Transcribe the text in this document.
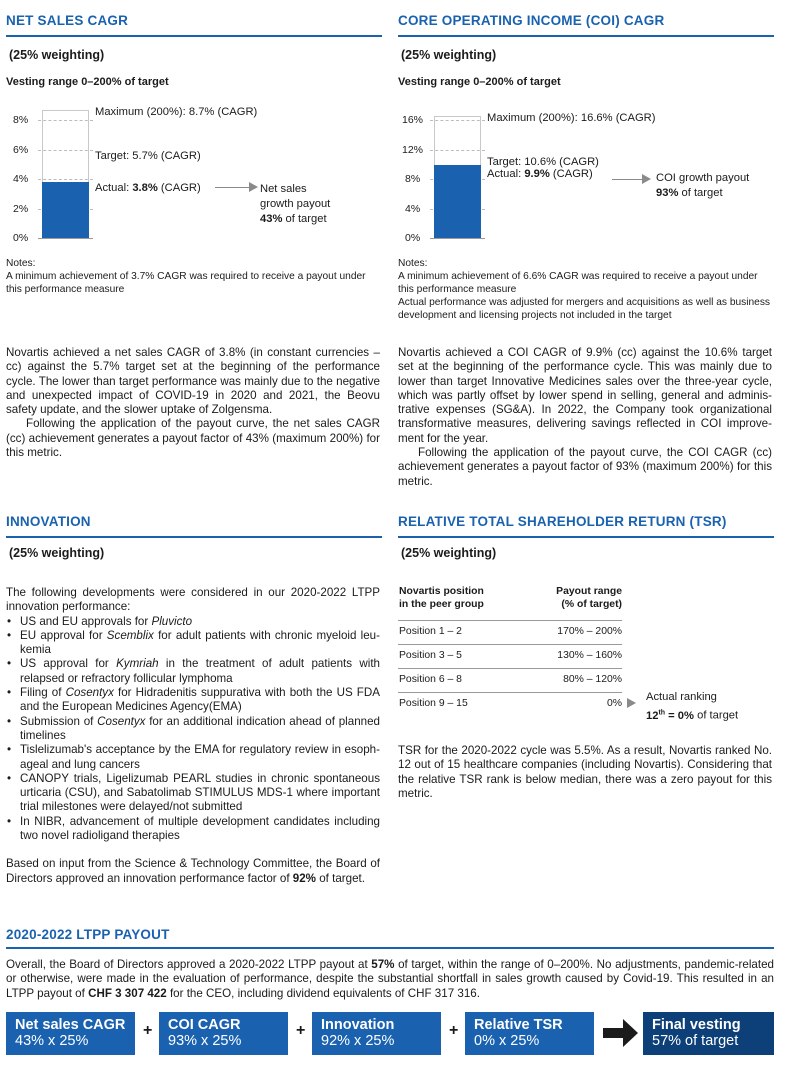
NET SALES CAGR
(25% weighting)
Vesting range 0–200% of target
0%
2%
4%
6%
8%
Maximum (200%): 8.7% (CAGR)
Target: 5.7% (CAGR)
Actual: 3.8% (CAGR)	Net sales
growth payout
43% of target
Notes:
A minimum achievement of 3.7% CAGR was required to receive a payout under this performance measure

Novartis achieved a net sales CAGR of 3.8% (in constant currencies – cc) against the 5.7% target set at the beginning of the performance cycle. The lower than target performance was mainly due to the negative and unexpected impact of COVID-19 in 2020 and 2021, the Beovu safety update, and the slower uptake of Zolgensma.

Following the application of the payout curve, the net sales CAGR (cc) achievement generates a payout factor of 43% (maximum 200%) for this metric.

CORE OPERATING INCOME (COI) CAGR
(25% weighting)
Vesting range 0–200% of target
0%
4%
8%
12%
16%	Maximum (200%): 16.6% (CAGR)
Target: 10.6% (CAGR)
Actual: 9.9% (CAGR)	COI growth payout
93% of target
Notes:
A minimum achievement of 6.6% CAGR was required to receive a payout under this performance measure
Actual performance was adjusted for mergers and acquisitions as well as business development and licensing projects not included in the target

Novartis achieved a COI CAGR of 9.9% (cc) against the 10.6% target set at the beginning of the performance cycle. This was mainly due to lower than target Innovative Medicines sales over the three-year cycle, which was partly offset by lower spend in selling, general and administrative expenses (SG&A). In 2022, the Company took organizational transformative measures, delivering savings reflected in COI improvement for the year.

Following the application of the payout curve, the COI CAGR (cc) achievement generates a payout factor of 93% (maximum 200%) for this metric.

INNOVATION
(25% weighting)

The following developments were considered in our 2020-2022 LTPP innovation performance:

• US and EU approvals for Pluvicto
• EU approval for Scemblix for adult patients with chronic myeloid leukemia
• US approval for Kymriah in the treatment of adult patients with relapsed or refractory follicular lymphoma
• Filing of Cosentyx for Hidradenitis suppurativa with both the US FDA and the European Medicines Agency(EMA)
• Submission of Cosentyx for an additional indication ahead of planned timelines
• Tislelizumab's acceptance by the EMA for regulatory review in esophageal and lung cancers
• CANOPY trials, Ligelizumab PEARL studies in chronic spontaneous urticaria (CSU), and Sabatolimab STIMULUS MDS-1 where important trial milestones were delayed/not submitted
• In NIBR, advancement of multiple development candidates including two novel radioligand therapies

Based on input from the Science & Technology Committee, the Board of Directors approved an innovation performance factor of 92% of target.

RELATIVE TOTAL SHAREHOLDER RETURN (TSR)
(25% weighting)
Novartis position
in the peer group
Payout range
(% of target)
Position 1 – 2	170% – 200%
Position 3 – 5	130% – 160%
Position 6 – 8	80% – 120%
Position 9 – 15	0%
Actual ranking
12th = 0% of target

TSR for the 2020-2022 cycle was 5.5%. As a result, Novartis ranked No. 12 out of 15 healthcare companies (including Novartis). Considering that the relative TSR rank is below median, there was a zero payout for this metric.

2020-2022 LTPP PAYOUT

Overall, the Board of Directors approved a 2020-2022 LTPP payout at 57% of target, within the range of 0–200%. No adjustments, pandemic-related or otherwise, were made in the evaluation of performance, despite the substantial shortfall in sales growth caused by Covid-19. This resulted in an LTPP payout of CHF 3 307 422 for the CEO, including dividend equivalents of CHF 317 316.

Net sales CAGR
43% x 25%
+ COI CAGR
93% x 25%
+ Innovation
92% x 25%
+ Relative TSR
0% x 25%
Final vesting
57% of target
